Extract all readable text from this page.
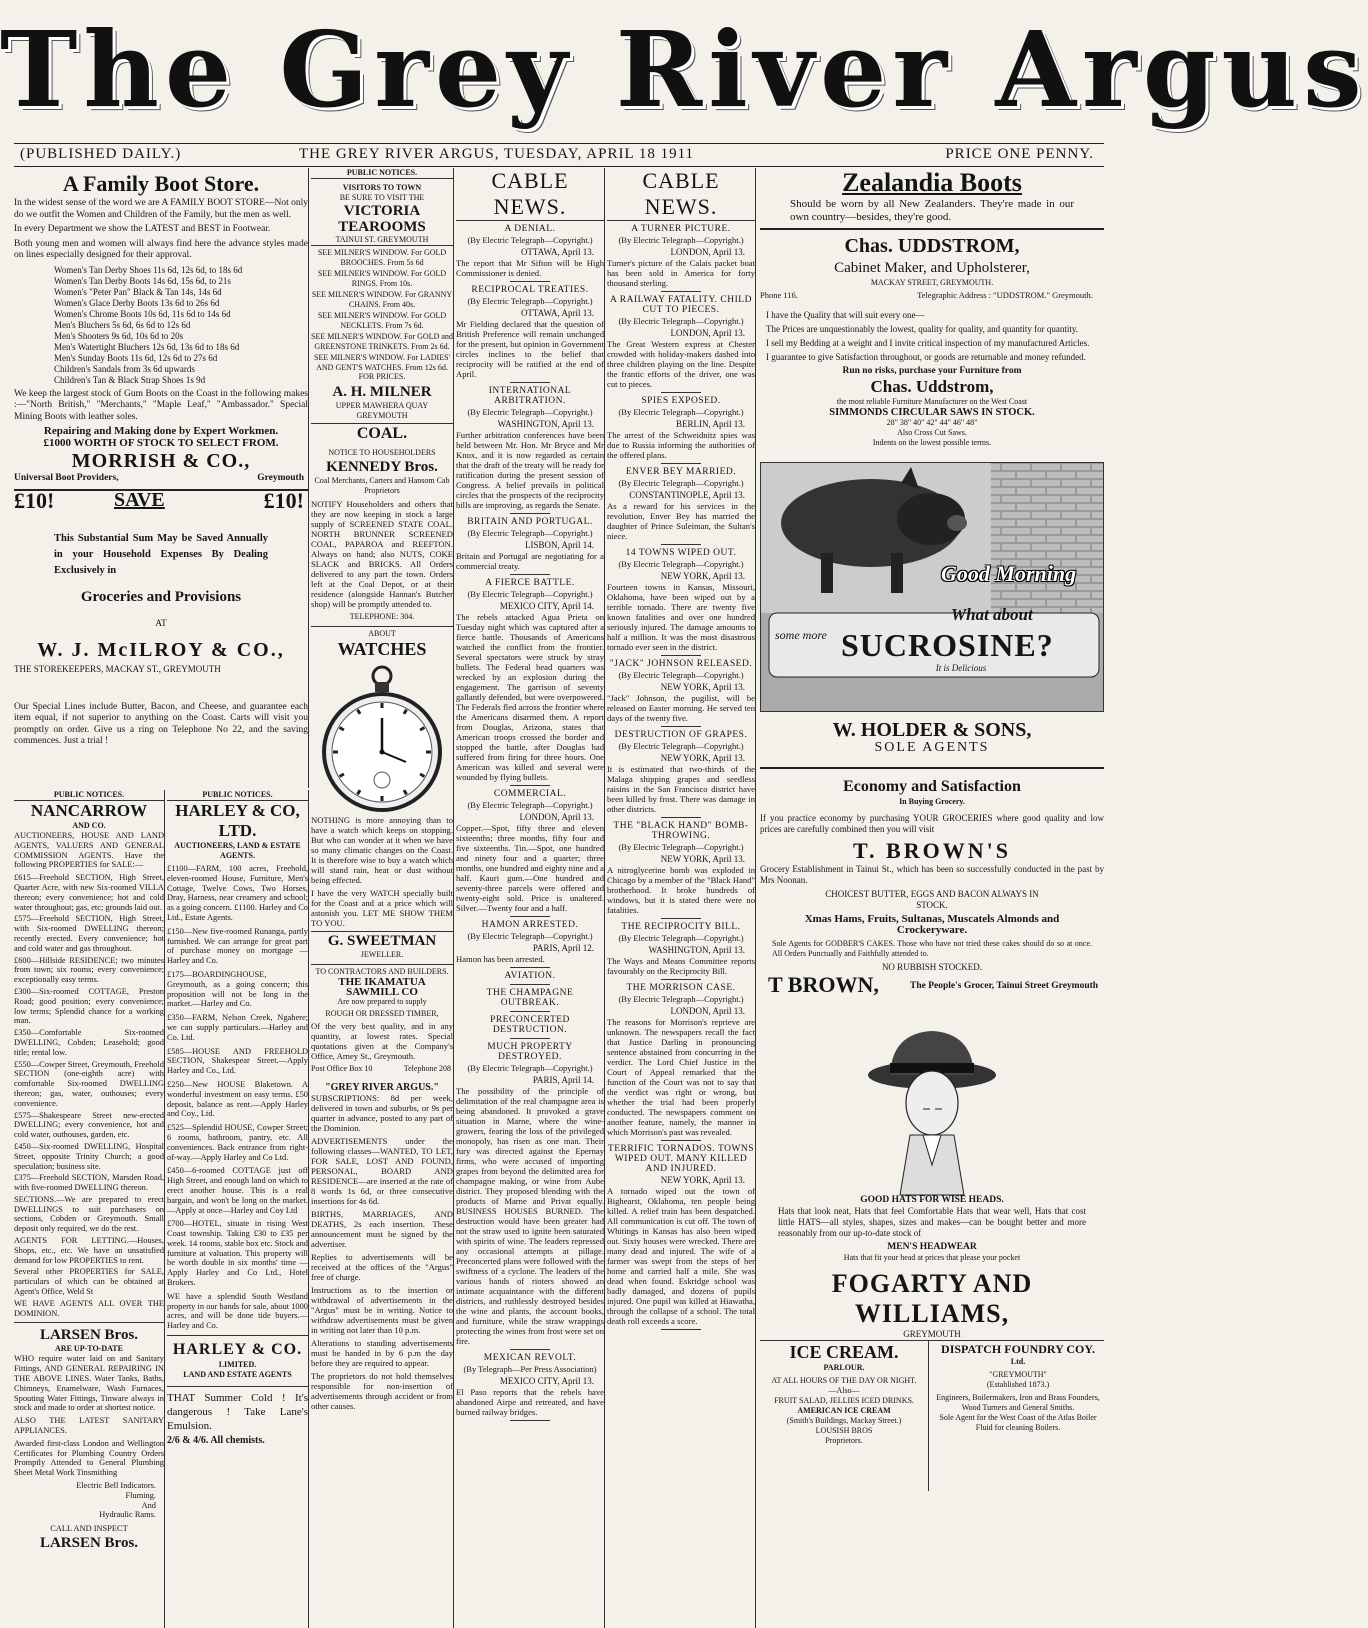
The Grey River Argus
(PUBLISHED DAILY.)	THE GREY RIVER ARGUS, TUESDAY, APRIL 18 1911	PRICE ONE PENNY.
A Family Boot Store.

In the widest sense of the word we are A FAMILY BOOT STORE—Not only do we outfit the Women and Children of the Family, but the men as well.

In every Department we show the LATEST and BEST in Footwear.

Both young men and women will always find here the advance styles made on lines especially designed for their approval.

Women's Tan Derby Shoes 11s 6d, 12s 6d, to 18s 6d
Women's Tan Derby Boots 14s 6d, 15s 6d, to 21s
Women's "Peter Pan" Black & Tan 14s, 14s 6d
Women's Glace Derby Boots 13s 6d to 26s 6d
Women's Chrome Boots 10s 6d, 11s 6d to 14s 6d
Men's Bluchers 5s 6d, 6s 6d to 12s 6d
Men's Shooters 9s 6d, 10s 6d to 20s
Men's Watertight Bluchers 12s 6d, 13s 6d to 18s 6d
Men's Sunday Boots 11s 6d, 12s 6d to 27s 6d
Children's Sandals from 3s 6d upwards
Children's Tan & Black Strap Shoes 1s 9d

We keep the largest stock of Gum Boots on the Coast in the following makes :—"North British," "Merchants," "Maple Leaf," "Ambassador." Special Mining Boots with leather soles.

Repairing and Making done by Expert Workmen.
£1000 WORTH OF STOCK TO SELECT FROM.
MORRISH & CO.,
Universal Boot Providers,	Greymouth
£10!	SAVE	£10!

This Substantial Sum May be Saved Annually in your Household Expenses By Dealing Exclusively in

Groceries and Provisions
AT
W. J. McILROY & CO.,
THE STOREKEEPERS, MACKAY ST., GREYMOUTH

Our Special Lines include Butter, Bacon, and Cheese, and guarantee each item equal, if not superior to anything on the Coast. Carts will visit you promptly on order. Give us a ring on Telephone No 22, and the saving commences. Just a trial !

PUBLIC NOTICES.
NANCARROW
AND CO.

AUCTIONEERS, HOUSE AND LAND AGENTS, VALUERS AND GENERAL COMMISSION AGENTS. Have the following PROPERTIES for SALE:—

£615—Freehold SECTION, High Street, Quarter Acre, with new Six-roomed VILLA thereon; every convenience; hot and cold water throughout; gas, etc; grounds laid out.
£575—Freehold SECTION, High Street, with Six-roomed DWELLING thereon; recently erected. Every convenience; hot and cold water and gas throughout.
£600—Hillside RESIDENCE; two minutes from town; six rooms; every convenience; exceptionally easy terms.
£300—Six-roomed COTTAGE, Preston Road; good position; every convenience; low terms; Splendid chance for a working man.
£350—Comfortable Six-roomed DWELLING, Cobden; Leasehold; good title; rental low.
£550—Cowper Street, Greymouth, Freehold SECTION (one-eighth acre) with comfortable Six-roomed DWELLING thereon; gas, water, outhouses; every convenience.
£575—Shakespeare Street new-erected DWELLING; every convenience, hot and cold water, outhouses, garden, etc.
£450—Six-roomed DWELLING, Hospital Street, opposite Trinity Church; a good speculation; business site.
£375—Freehold SECTION, Marsden Road, with five-roomed DWELLING thereon.
SECTIONS.—We are prepared to erect DWELLINGS to suit purchasers on sections, Cobden or Greymouth. Small deposit only required, we do the rest.
AGENTS FOR LETTING.—Houses, Shops, etc., etc. We have an unsatisfied demand for low PROPERTIES to rent.
Several other PROPERTIES for SALE, particulars of which can be obtained at Agent's Office, Weld St
WE HAVE AGENTS ALL OVER THE DOMINION.
LARSEN Bros.
ARE UP-TO-DATE

WHO require water laid on and Sanitary Fittings, AND GENERAL REPAIRING IN THE ABOVE LINES. Water Tanks, Baths, Chimneys, Enamelware, Wash Furnaces, Spouting Water Fittings, Tinware always in stock and made to order at shortest notice.

ALSO THE LATEST SANITARY APPLIANCES.

Awarded first-class London and Wellington Certificates for Plumbing Country Orders Promptly Attended to General Plumbing Sheet Metal Work Tinsmithing

Electric Bell Indicators.
Fluming.
And
Hydraulic Rams.
CALL AND INSPECT
LARSEN Bros.
PUBLIC NOTICES.
HARLEY & CO, LTD.
AUCTIONEERS, LAND & ESTATE AGENTS.
£1100—FARM, 100 acres, Freehold, eleven-roomed House, Furniture, Men's Cottage, Twelve Cows, Two Horses, Dray, Harness, near creamery and school; as a going concern. £1100. Harley and Co Ltd., Estate Agents.
£150—New five-roomed Runanga, partly furnished. We can arrange for great part of purchase money on mortgage —Harley and Co.
£175—BOARDINGHOUSE, Greymouth, as a going concern; this proposition will not be long in the market.—Harley and Co.
£350—FARM, Nelson Creek, Ngahere; we can supply particulars.—Harley and Co. Ltd.
£585—HOUSE AND FREEHOLD SECTION, Shakespear Street.—Apply Harley and Co., Ltd.
£250—New HOUSE Blaketown. A wonderful investment on easy terms. £50 deposit, balance as rent.—Apply Harley and Coy., Ltd.
£525—Splendid HOUSE, Cowper Street; 6 rooms, bathroom, pantry, etc. All conveniences. Back entrance from right-of-way.—Apply Harley and Co Ltd.
£450—6-roomed COTTAGE just off High Street, and enough land on which to erect another house. This is a real bargain, and won't be long on the market.—Apply at once—Harley and Coy Ltd
£700—HOTEL, situate in rising West Coast township. Taking £30 to £35 per week. 14 rooms, stable box etc. Stock and furniture at valuation. This property will be worth double in six months' time —Apply Harley and Co Ltd., Hotel Brokers.
WE have a splendid South Westland property in our hands for sale, about 1000 acres, and will be done tide buyers.—Harley and Co.
HARLEY & CO.
LIMITED.
LAND AND ESTATE AGENTS

THAT Summer Cold ! It's dangerous ! Take Lane's Emulsion.

2/6 & 4/6. All chemists.

PUBLIC NOTICES.
VISITORS TO TOWN
BE SURE TO VISIT THE
VICTORIA
TEAROOMS
TAINUI ST. GREYMOUTH
SEE MILNER'S WINDOW. For GOLD BROOCHES. From 5s 6d
SEE MILNER'S WINDOW. For GOLD RINGS. From 10s.
SEE MILNER'S WINDOW. For GRANNY CHAINS. From 40s.
SEE MILNER'S WINDOW. For GOLD NECKLETS. From 7s 6d.
SEE MILNER'S WINDOW. For GOLD and GREENSTONE TRINKETS. From 2s 6d.
SEE MILNER'S WINDOW. For LADIES' AND GENT'S WATCHES. From 12s 6d. FOR PRICES.
A. H. MILNER
UPPER MAWHERA QUAY GREYMOUTH
COAL.
NOTICE TO HOUSEHOLDERS
KENNEDY Bros.
Coal Merchants, Carters and Hansom Cab Proprietors

NOTIFY Householders and others that they are now keeping in stock a large supply of SCREENED STATE COAL. NORTH BRUNNER SCREENED COAL, PAPAROA and REEFTON. Always on hand; also NUTS, COKE SLACK and BRICKS. All Orders delivered to any part the town. Orders left at the Coal Depot, or at their residence (alongside Hannan's Butcher shop) will be promptly attended to.

TELEPHONE: 304.
ABOUT
WATCHES

NOTHING is more annoying than to have a watch which keeps on stopping. But who can wonder at it when we have so many climatic changes on the Coast. It is therefore wise to buy a watch which will stand rain, heat or dust without being effected.

I have the very WATCH specially built for the Coast and at a price which will astonish you. LET ME SHOW THEM TO YOU.

G. SWEETMAN
JEWELLER.
TO CONTRACTORS AND BUILDERS.
THE IKAMATUA
SAWMILL CO
Are now prepared to supply
ROUGH OR DRESSED TIMBER,

Of the very best quality, and in any quantity, at lowest rates. Special quotations given at the Company's Office, Arney St., Greymouth.

Post Office Box 10	Telephone 208
"GREY RIVER ARGUS."

SUBSCRIPTIONS: 8d per week, delivered in town and suburbs, or 9s per quarter in advance, posted to any part of the Dominion.

ADVERTISEMENTS under the following classes—WANTED, TO LET, FOR SALE, LOST AND FOUND, PERSONAL, BOARD AND RESIDENCE—are inserted at the rate of 8 words 1s 6d, or three consecutive insertions for 4s 6d.

BIRTHS, MARRIAGES, AND DEATHS, 2s each insertion. These announcement must be signed by the advertiser.

Replies to advertisements will be received at the offices of the "Argus" free of charge.

Instructions as to the insertion or withdrawal of advertisements in the "Argus" must be in writing. Notice to withdraw advertisements must be given in writing not later than 10 p.m.

Alterations to standing advertisements must be handed in by 6 p.m the day before they are required to appear.

The proprietors do not hold themselves responsible for non-insertion of advertisements through accident or from other causes.

CABLE NEWS.
A DENIAL.
(By Electric Telegraph—Copyright.)
OTTAWA, April 13.

The report that Mr Sifton will be High Commissioner is denied.

RECIPROCAL TREATIES.
(By Electric Telegraph—Copyright.)
OTTAWA, April 13.

Mr Fielding declared that the question of British Preference will remain unchanged for the present, but opinion in Government circles inclines to the belief that reciprocity will be ratified at the end of April.

INTERNATIONAL ARBITRATION.
(By Electric Telegraph—Copyright.)
WASHINGTON, April 13.

Further arbitration conferences have been held between Mr. Hon. Mr Bryce and Mr Knox, and it is now regarded as certain that the draft of the treaty will be ready for ratification during the present session of Congress. A belief prevails in political circles that the prospects of the reciprocity bills are improving, as regards the Senate.

BRITAIN AND PORTUGAL.
(By Electric Telegraph—Copyright.)
LISBON, April 14.

Britain and Portugal are negotiating for a commercial treaty.

A FIERCE BATTLE.
(By Electric Telegraph—Copyright.)
MEXICO CITY, April 14.

The rebels attacked Agua Prieta on Tuesday night which was captured after a fierce battle. Thousands of Americans watched the conflict from the frontier. Several spectators were struck by stray bullets. The Federal head quarters was wrecked by an explosion during the engagement. The garrison of seventy gallantly defended, but were overpowered. The Federals fled across the frontier where the Americans disarmed them. A report from Douglas, Arizona, states that American troops crossed the border and stopped the battle, after Douglas had suffered from firing for three hours. One American was killed and several were wounded by flying bullets.

COMMERCIAL.
(By Electric Telegraph—Copyright.)
LONDON, April 13.

Copper.—Spot, fifty three and eleven sixteenths; three months, fifty four and five sixteenths. Tin.—Spot, one hundred and ninety four and a quarter; three months, one hundred and eighty nine and a half. Kauri gum.—One hundred and seventy-three parcels were offered and twenty-eight sold. Price is unaltered. Silver.—Twenty four and a half.

HAMON ARRESTED.
(By Electric Telegraph—Copyright.)
PARIS, April 12.

Hamon has been arrested.

AVIATION.
THE CHAMPAGNE OUTBREAK.
PRECONCERTED DESTRUCTION.
MUCH PROPERTY DESTROYED.
(By Electric Telegraph—Copyright.)
PARIS, April 14.

The possibility of the principle of delimitation of the real champagne area is being abandoned. It provoked a grave situation in Marne, where the wine-growers, fearing the loss of the privileged monopoly, has risen as one man. Their fury was directed against the Epernay firms, who were accused of importing grapes from beyond the delimited area for champagne making, or wine from Aube district. They proposed blending with the products of Marne and Privat equally. BUSINESS HOUSES BURNED. The destruction would have been greater had not the straw used to ignite been saturated with spirits of wine. The leaders repressed any occasional attempts at pillage. Preconcerted plans were followed with the swiftness of a cyclone. The leaders of the various bands of rioters showed an intimate acquaintance with the different districts, and ruthlessly destroyed besides the wine and plants, the account books, and furniture, while the straw wrappings protecting the wines from frost were set on fire.

MEXICAN REVOLT.
(By Telegraph—Per Press Association)
MEXICO CITY, April 13.

El Paso reports that the rebels have abandoned Airpe and retreated, and have burned railway bridges.

CABLE NEWS.
A TURNER PICTURE.
(By Electric Telegraph—Copyright.)
LONDON, April 13.

Turner's picture of the Calais packet boat has been sold in America for forty thousand sterling.

A RAILWAY FATALITY. CHILD CUT TO PIECES.
(By Electric Telegraph—Copyright.)
LONDON, April 13.

The Great Western express at Chester crowded with holiday-makers dashed into three children playing on the line. Despite the frantic efforts of the driver, one was cut to pieces.

SPIES EXPOSED.
(By Electric Telegraph—Copyright.)
BERLIN, April 13.

The arrest of the Schweidnitz spies was due to Russia informing the authorities of the offered plans.

ENVER BEY MARRIED.
(By Electric Telegraph—Copyright.)
CONSTANTINOPLE, April 13.

As a reward for his services in the revolution, Enver Bey has married the daughter of Prince Suleiman, the Sultan's niece.

14 TOWNS WIPED OUT.
(By Electric Telegraph—Copyright.)
NEW YORK, April 13.

Fourteen towns in Kansas, Missouri, Oklahoma, have been wiped out by a terrible tornado. There are twenty five known fatalities and over one hundred seriously injured. The damage amounts to half a million. It was the most disastrous tornado ever seen in the district.

"JACK" JOHNSON RELEASED.
(By Electric Telegraph—Copyright.)
NEW YORK, April 13.

"Jack" Johnson, the pugilist, will be released on Easter morning. He served ten days of the twenty five.

DESTRUCTION OF GRAPES.
(By Electric Telegraph—Copyright.)
NEW YORK, April 13.

It is estimated that two-thirds of the Malaga shipping grapes and seedless raisins in the San Francisco district have been killed by frost. There was damage in other districts.

THE "BLACK HAND" BOMB-THROWING.
(By Electric Telegraph—Copyright.)
NEW YORK, April 13.

A nitroglycerine bomb was exploded in Chicago by a member of the "Black Hand" brotherhood. It broke hundreds of windows, but it is stated there were no fatalities.

THE RECIPROCITY BILL.
(By Electric Telegraph—Copyright.)
WASHINGTON, April 13.

The Ways and Means Committee reports favourably on the Reciprocity Bill.

THE MORRISON CASE.
(By Electric Telegraph—Copyright.)
LONDON, April 13.

The reasons for Morrison's reprieve are unknown. The newspapers recall the fact that Justice Darling in pronouncing sentence abstained from concurring in the verdict. The Lord Chief Justice in the Court of Appeal remarked that the function of the Court was not to say that the verdict was right or wrong, but whether the trial had been properly conducted. The newspapers comment on another feature, namely, the manner in which Morrison's past was revealed.

TERRIFIC TORNADOS. TOWNS WIPED OUT. MANY KILLED AND INJURED.
NEW YORK, April 13.

A tornado wiped out the town of Bighearst, Oklahoma, ten people being killed. A relief train has been despatched. All communication is cut off. The town of Whitings in Kansas has also been wiped out. Sixty houses were wrecked. There are many dead and injured. The wife of a farmer was swept from the steps of her home and carried half a mile. She was dead when found. Eskridge school was badly damaged, and dozens of pupils injured. One pupil was killed at Hiawatha, through the collapse of a school. The total death roll exceeds a score.

Zealandia Boots

Should be worn by all New Zealanders. They're made in our own country—besides, they're good.

Chas. UDDSTROM,
Cabinet Maker, and Upholsterer,
MACKAY STREET, GREYMOUTH.
Phone 116.	Telegraphic Address : "UDDSTROM." Greymouth.
I have the Quality that will suit every one—
The Prices are unquestionably the lowest, quality for quality, and quantity for quantity.
I sell my Bedding at a weight and I invite critical inspection of my manufactured Articles.
I guarantee to give Satisfaction throughout, or goods are returnable and money refunded.
Run no risks, purchase your Furniture from
Chas. Uddstrom,
the most reliable Furniture Manufacturer on the West Coast
SIMMONDS CIRCULAR SAWS IN STOCK.
28" 38" 40" 42" 44" 46" 48"
Also Cross Cut Saws.
Indents on the lowest possible terms.
Good Morning
What about
some more SUCROSINE?
It is Delicious
W. HOLDER & SONS,
SOLE AGENTS
Economy and Satisfaction
In Buying Grocery.

If you practice economy by purchasing YOUR GROCERIES where good quality and low prices are carefully combined then you will visit

T. BROWN'S

Grocery Establishment in Tainui St., which has been so successfully conducted in the past by Mrs Noonan.

CHOICEST BUTTER, EGGS AND BACON ALWAYS IN STOCK.
Xmas Hams, Fruits, Sultanas, Muscatels Almonds and Crockeryware.

Sole Agents for GODBER'S CAKES. Those who have not tried these cakes should do so at once. All Orders Punctually and Faithfully attended to.

NO RUBBISH STOCKED.
T BROWN,	The People's Grocer, Tainui Street Greymouth
GOOD HATS FOR WISE HEADS.

Hats that look neat, Hats that feel Comfortable Hats that wear well, Hats that cost little HATS—all styles, shapes, sizes and makes—can be bought better and more reasonably from our up-to-date stock of

MEN'S HEADWEAR
Hats that fit your head at prices that please your pocket
FOGARTY AND WILLIAMS,
GREYMOUTH
ICE CREAM.
PARLOUR.
AT ALL HOURS OF THE DAY OR NIGHT.
—Also—
FRUIT SALAD, JELLIES ICED DRINKS.
AMERICAN ICE CREAM
(Smith's Buildings, Mackay Street.)
LOUSISH BROS
Proprietors.
DISPATCH FOUNDRY COY.
Ltd.
"GREYMOUTH"
(Established 1873.)
Engineers, Boilermakers, Iron and Brass Founders, Wood Turners and General Smiths.
Sole Agent for the West Coast of the Atlas Boiler Fluid for cleaning Boilers.
